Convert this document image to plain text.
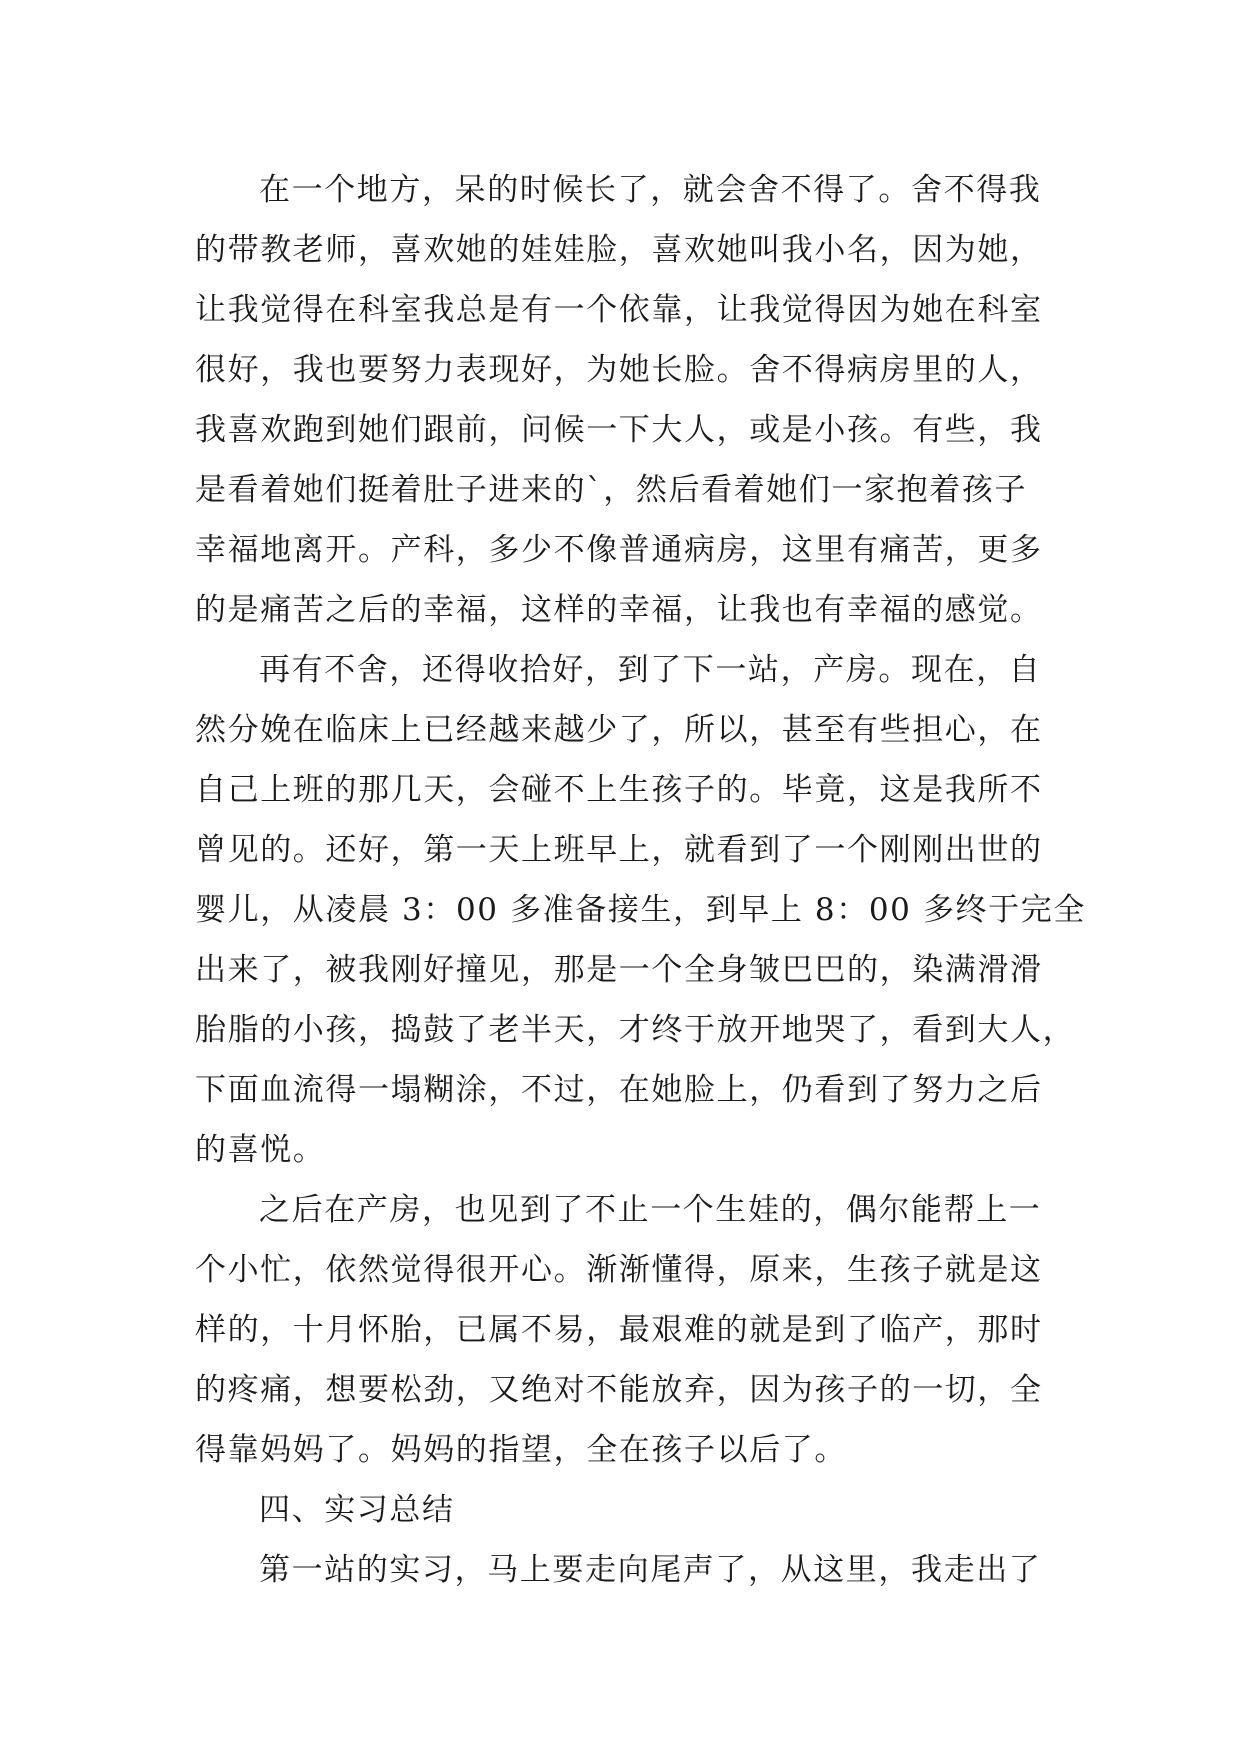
在一个地方，呆的时候长了，就会舍不得了。舍不得我
的带教老师，喜欢她的娃娃脸，喜欢她叫我小名，因为她，
让我觉得在科室我总是有一个依靠，让我觉得因为她在科室
很好，我也要努力表现好，为她长脸。舍不得病房里的人，
我喜欢跑到她们跟前，问候一下大人，或是小孩。有些，我
是看着她们挺着肚子进来的`，然后看着她们一家抱着孩子
幸福地离开。产科，多少不像普通病房，这里有痛苦，更多
的是痛苦之后的幸福，这样的幸福，让我也有幸福的感觉。
再有不舍，还得收拾好，到了下一站，产房。现在，自
然分娩在临床上已经越来越少了，所以，甚至有些担心，在
自己上班的那几天，会碰不上生孩子的。毕竟，这是我所不
曾见的。还好，第一天上班早上，就看到了一个刚刚出世的
婴儿，从凌晨 3：00 多准备接生，到早上 8：00 多终于完全
出来了，被我刚好撞见，那是一个全身皱巴巴的，染满滑滑
胎脂的小孩，捣鼓了老半天，才终于放开地哭了，看到大人，
下面血流得一塌糊涂，不过，在她脸上，仍看到了努力之后
的喜悦。
之后在产房，也见到了不止一个生娃的，偶尔能帮上一
个小忙，依然觉得很开心。渐渐懂得，原来，生孩子就是这
样的，十月怀胎，已属不易，最艰难的就是到了临产，那时
的疼痛，想要松劲，又绝对不能放弃，因为孩子的一切，全
得靠妈妈了。妈妈的指望，全在孩子以后了。
四、实习总结
第一站的实习，马上要走向尾声了，从这里，我走出了
